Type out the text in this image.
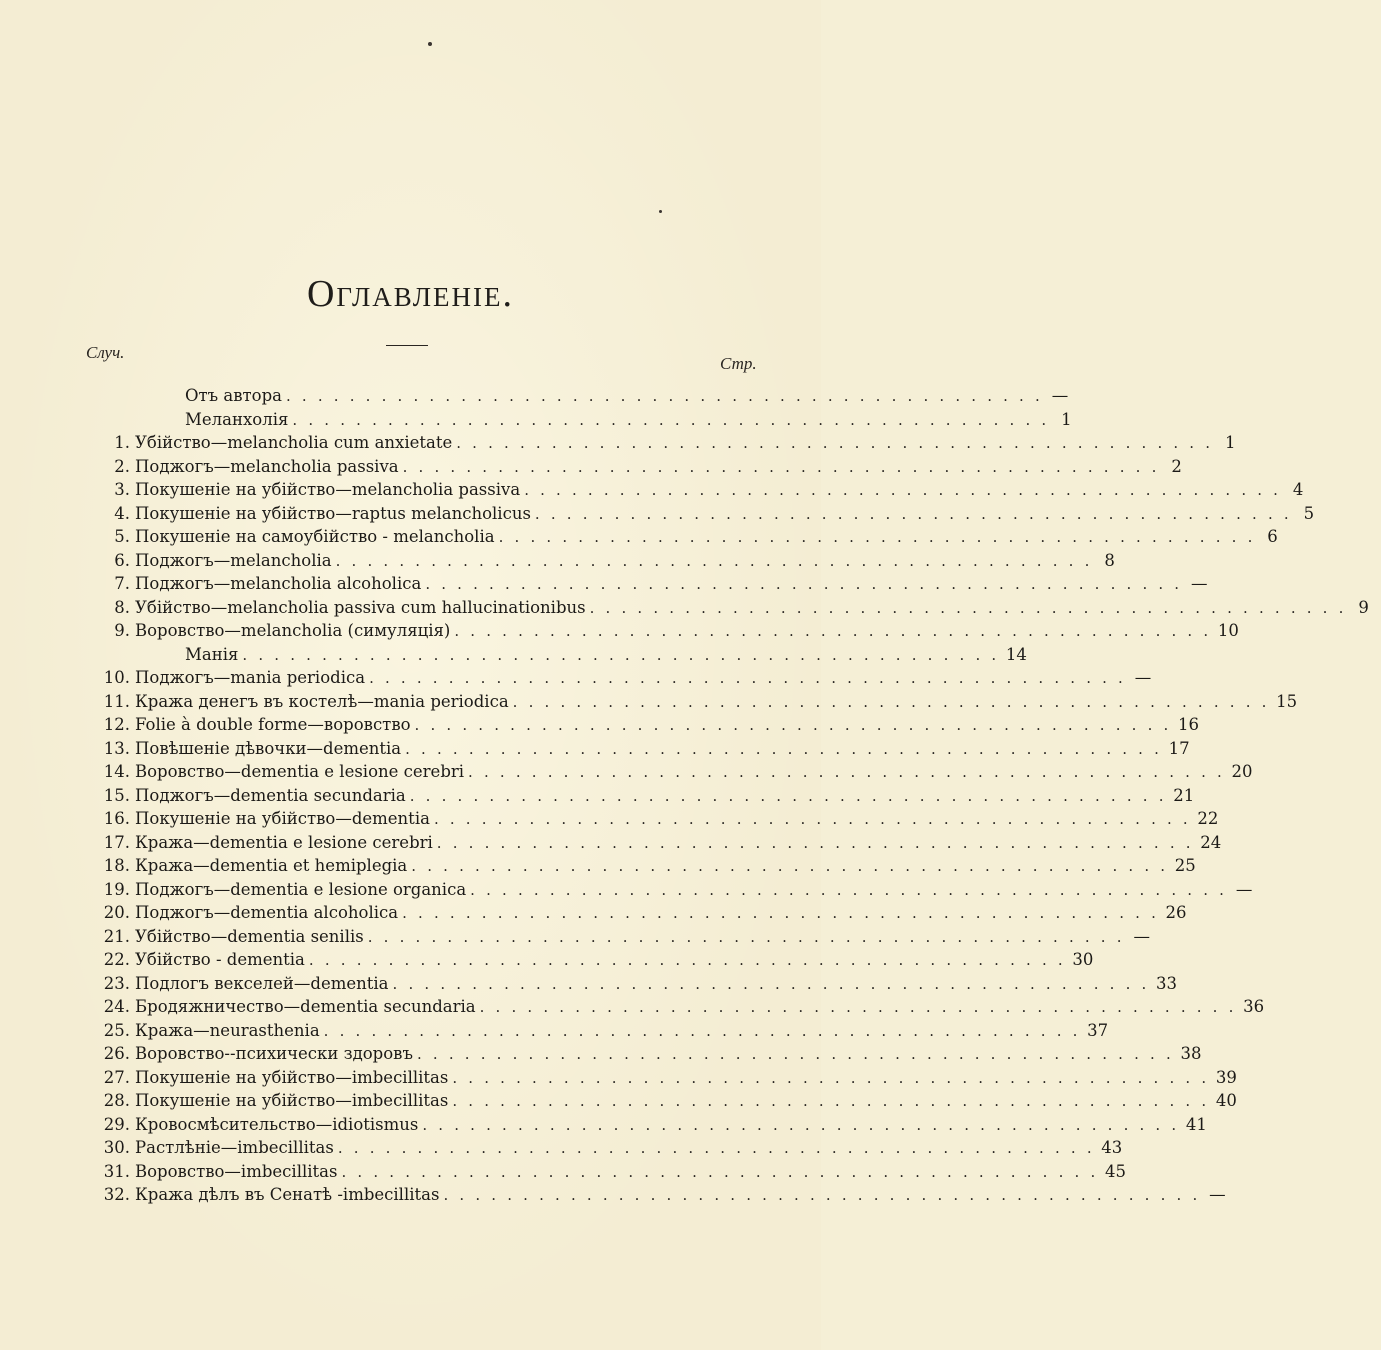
Оглавленіе.
Случ.
Стр.
Отъ автора . . . . . . . . . . . . . . . . . . . . . . . . . . . . . . . . . . . . . . . . . . . . . . . . —
Меланхолія . . . . . . . . . . . . . . . . . . . . . . . . . . . . . . . . . . . . . . . . . . . . . . . . 1
1. Убійство—melancholia cum anxietate . . . . . . . . . . . . . . . . . . . . . . . . . . . . . . . . . . . . . . . . . . . . . . . . 1
2. Поджогъ—melancholia passiva . . . . . . . . . . . . . . . . . . . . . . . . . . . . . . . . . . . . . . . . . . . . . . . . 2
3. Покушеніе на убійство—melancholia passiva . . . . . . . . . . . . . . . . . . . . . . . . . . . . . . . . . . . . . . . . . . . . . . . . 4
4. Покушеніе на убійство—raptus melancholicus . . . . . . . . . . . . . . . . . . . . . . . . . . . . . . . . . . . . . . . . . . . . . . . . 5
5. Покушеніе на самоубійство - melancholia . . . . . . . . . . . . . . . . . . . . . . . . . . . . . . . . . . . . . . . . . . . . . . . . 6
6. Поджогъ—melancholia . . . . . . . . . . . . . . . . . . . . . . . . . . . . . . . . . . . . . . . . . . . . . . . . 8
7. Поджогъ—melancholia alcoholica . . . . . . . . . . . . . . . . . . . . . . . . . . . . . . . . . . . . . . . . . . . . . . . . —
8. Убійство—melancholia passiva cum hallucinationibus . . . . . . . . . . . . . . . . . . . . . . . . . . . . . . . . . . . . . . . . . . . . . . . . 9
9. Воровство—melancholia (симуляція) . . . . . . . . . . . . . . . . . . . . . . . . . . . . . . . . . . . . . . . . . . . . . . . . 10
Манія . . . . . . . . . . . . . . . . . . . . . . . . . . . . . . . . . . . . . . . . . . . . . . . . 14
10. Поджогъ—mania periodica . . . . . . . . . . . . . . . . . . . . . . . . . . . . . . . . . . . . . . . . . . . . . . . . —
11. Кража денегъ въ костелѣ—mania periodica . . . . . . . . . . . . . . . . . . . . . . . . . . . . . . . . . . . . . . . . . . . . . . . . 15
12. Folie à double forme—воровство . . . . . . . . . . . . . . . . . . . . . . . . . . . . . . . . . . . . . . . . . . . . . . . . 16
13. Повѣшеніе дѣвочки—dementia . . . . . . . . . . . . . . . . . . . . . . . . . . . . . . . . . . . . . . . . . . . . . . . . 17
14. Воровство—dementia e lesione cerebri . . . . . . . . . . . . . . . . . . . . . . . . . . . . . . . . . . . . . . . . . . . . . . . . 20
15. Поджогъ—dementia secundaria . . . . . . . . . . . . . . . . . . . . . . . . . . . . . . . . . . . . . . . . . . . . . . . . 21
16. Покушеніе на убійство—dementia . . . . . . . . . . . . . . . . . . . . . . . . . . . . . . . . . . . . . . . . . . . . . . . . 22
17. Кража—dementia e lesione cerebri . . . . . . . . . . . . . . . . . . . . . . . . . . . . . . . . . . . . . . . . . . . . . . . . 24
18. Кража—dementia et hemiplegia . . . . . . . . . . . . . . . . . . . . . . . . . . . . . . . . . . . . . . . . . . . . . . . . 25
19. Поджогъ—dementia e lesione organica . . . . . . . . . . . . . . . . . . . . . . . . . . . . . . . . . . . . . . . . . . . . . . . . —
20. Поджогъ—dementia alcoholica . . . . . . . . . . . . . . . . . . . . . . . . . . . . . . . . . . . . . . . . . . . . . . . . 26
21. Убійство—dementia senilis . . . . . . . . . . . . . . . . . . . . . . . . . . . . . . . . . . . . . . . . . . . . . . . . —
22. Убійство - dementia . . . . . . . . . . . . . . . . . . . . . . . . . . . . . . . . . . . . . . . . . . . . . . . . 30
23. Подлогъ векселей—dementia . . . . . . . . . . . . . . . . . . . . . . . . . . . . . . . . . . . . . . . . . . . . . . . . 33
24. Бродяжничество—dementia secundaria . . . . . . . . . . . . . . . . . . . . . . . . . . . . . . . . . . . . . . . . . . . . . . . . 36
25. Кража—neurasthenia . . . . . . . . . . . . . . . . . . . . . . . . . . . . . . . . . . . . . . . . . . . . . . . . 37
26. Воровство--психически здоровъ . . . . . . . . . . . . . . . . . . . . . . . . . . . . . . . . . . . . . . . . . . . . . . . . 38
27. Покушеніе на убійство—imbecillitas . . . . . . . . . . . . . . . . . . . . . . . . . . . . . . . . . . . . . . . . . . . . . . . . 39
28. Покушеніе на убійство—imbecillitas . . . . . . . . . . . . . . . . . . . . . . . . . . . . . . . . . . . . . . . . . . . . . . . . 40
29. Кровосмѣсительство—idiotismus . . . . . . . . . . . . . . . . . . . . . . . . . . . . . . . . . . . . . . . . . . . . . . . . 41
30. Растлѣніе—imbecillitas . . . . . . . . . . . . . . . . . . . . . . . . . . . . . . . . . . . . . . . . . . . . . . . . 43
31. Воровство—imbecillitas . . . . . . . . . . . . . . . . . . . . . . . . . . . . . . . . . . . . . . . . . . . . . . . . 45
32. Кража дѣлъ въ Сенатѣ -imbecillitas . . . . . . . . . . . . . . . . . . . . . . . . . . . . . . . . . . . . . . . . . . . . . . . . —
